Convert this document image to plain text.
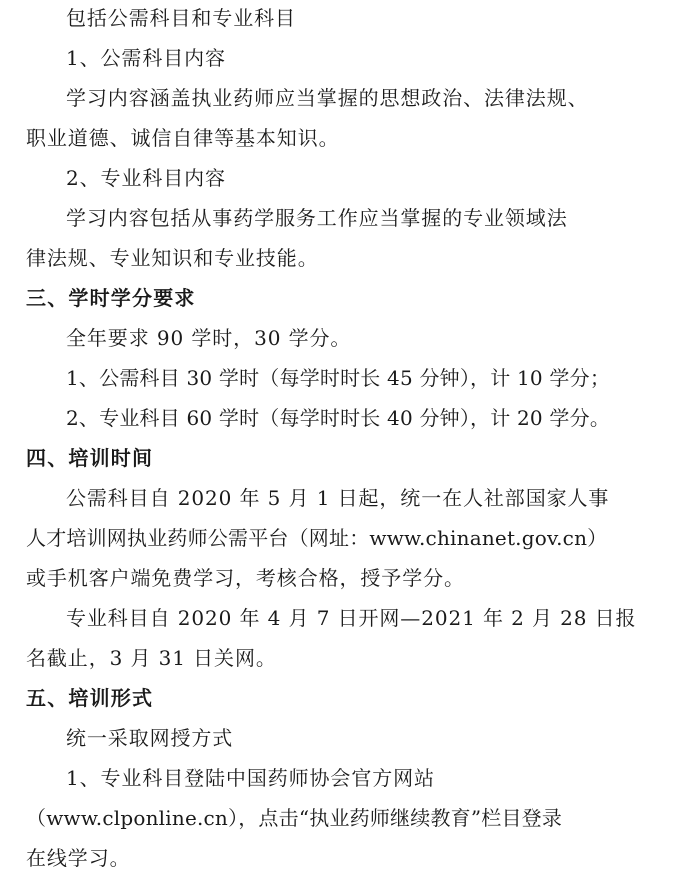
包括公需科目和专业科目
1、公需科目内容
学习内容涵盖执业药师应当掌握的思想政治、法律法规、
职业道德、诚信自律等基本知识。
2、专业科目内容
学习内容包括从事药学服务工作应当掌握的专业领域法
律法规、专业知识和专业技能。
三、学时学分要求
全年要求 90 学时，30 学分。
1、公需科目 30 学时（每学时时长 45 分钟），计 10 学分；
2、专业科目 60 学时（每学时时长 40 分钟），计 20 学分。
四、培训时间
公需科目自 2020 年 5 月 1 日起，统一在人社部国家人事
人才培训网执业药师公需平台（网址：www.chinanet.gov.cn）
或手机客户端免费学习，考核合格，授予学分。
专业科目自 2020 年 4 月 7 日开网—2021 年 2 月 28 日报
名截止，3 月 31 日关网。
五、培训形式
统一采取网授方式
1、专业科目登陆中国药师协会官方网站
（www.clponline.cn），点击“执业药师继续教育”栏目登录
在线学习。
